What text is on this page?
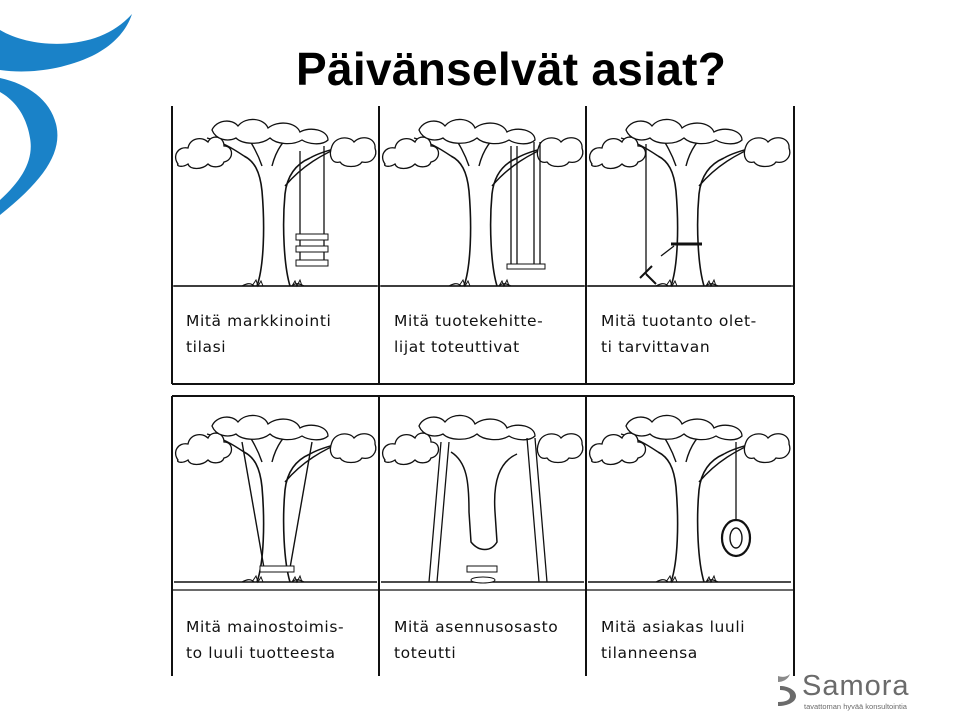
Päivänselvät asiat?
Mitä markkinointi
tilasi
Mitä tuotekehitte-
lijat toteuttivat
Mitä tuotanto olet-
ti tarvittavan
Mitä mainostoimis-
to luuli tuotteesta
Mitä asennusosasto
toteutti
Mitä asiakas luuli
tilanneensa
Samora
tavattoman hyvää konsultointia
